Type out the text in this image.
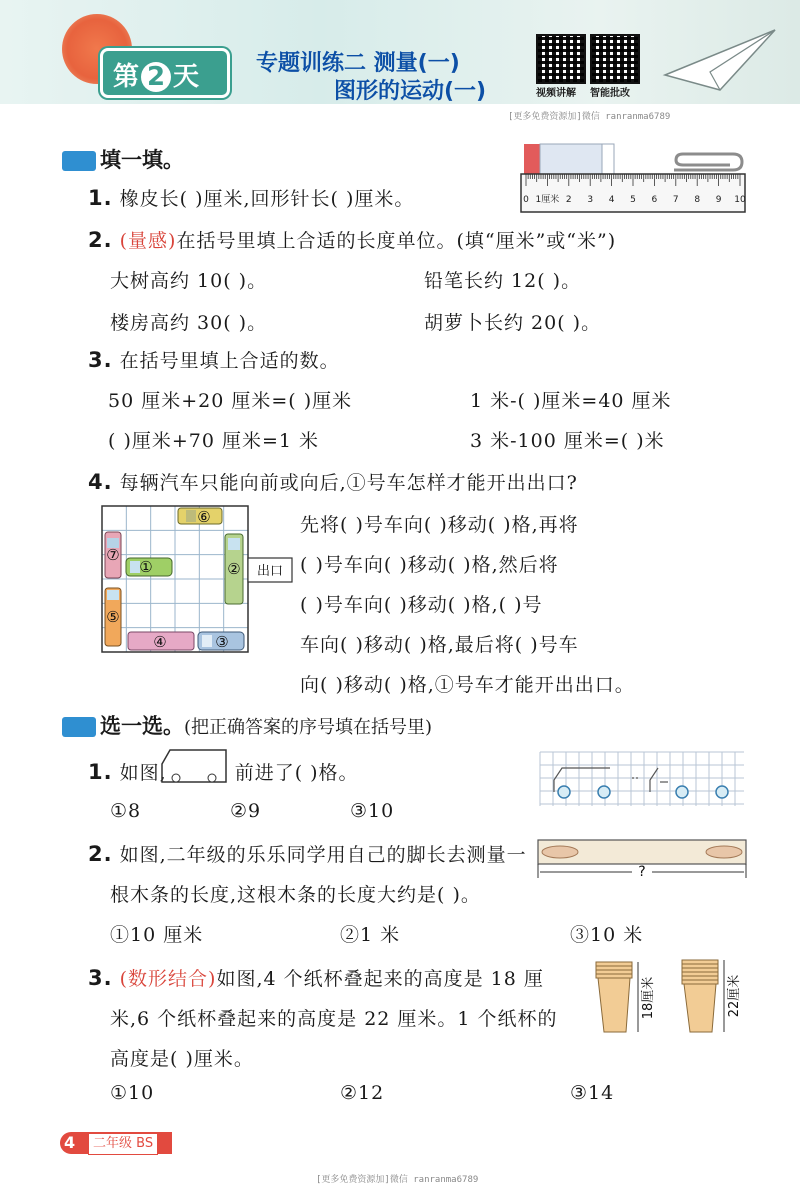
第 2 天	专题训练二 测量(一)
图形的运动(一)	视频讲解 智能批改
[更多免费资源加]微信 ranranma6789
填一填。
1. 橡皮长( )厘米,回形针长( )厘米。	0 1厘米 2 3 4 5 6 7 8 9 10
2. (量感)在括号里填上合适的长度单位。(填“厘米”或“米”)
大树高约 10( )。	铅笔长约 12( )。
楼房高约 30( )。	胡萝卜长约 20( )。
3. 在括号里填上合适的数。
50 厘米+20 厘米=( )厘米	1 米-( )厘米=40 厘米
( )厘米+70 厘米=1 米	3 米-100 厘米=( )米
4. 每辆汽车只能向前或向后,①号车怎样才能开出出口?
⑥
⑦
①	②
⑤
④	③
出口
先将( )号车向( )移动( )格,再将
( )号车向( )移动( )格,然后将
( )号车向( )移动( )格,( )号
车向( )移动( )格,最后将( )号车
向( )移动( )格,①号车才能开出出口。
选一选。(把正确答案的序号填在括号里)
1. 如图,	前进了( )格。
①8	②9	③10
2. 如图,二年级的乐乐同学用自己的脚长去测量一
根木条的长度,这根木条的长度大约是( )。
①10 厘米	②1 米	③10 米
?
3. (数形结合)如图,4 个纸杯叠起来的高度是 18 厘
米,6 个纸杯叠起来的高度是 22 厘米。1 个纸杯的
高度是( )厘米。
①10	②12	③14
18厘米	22厘米
4	二年级 BS
[更多免费资源加]微信 ranranma6789
